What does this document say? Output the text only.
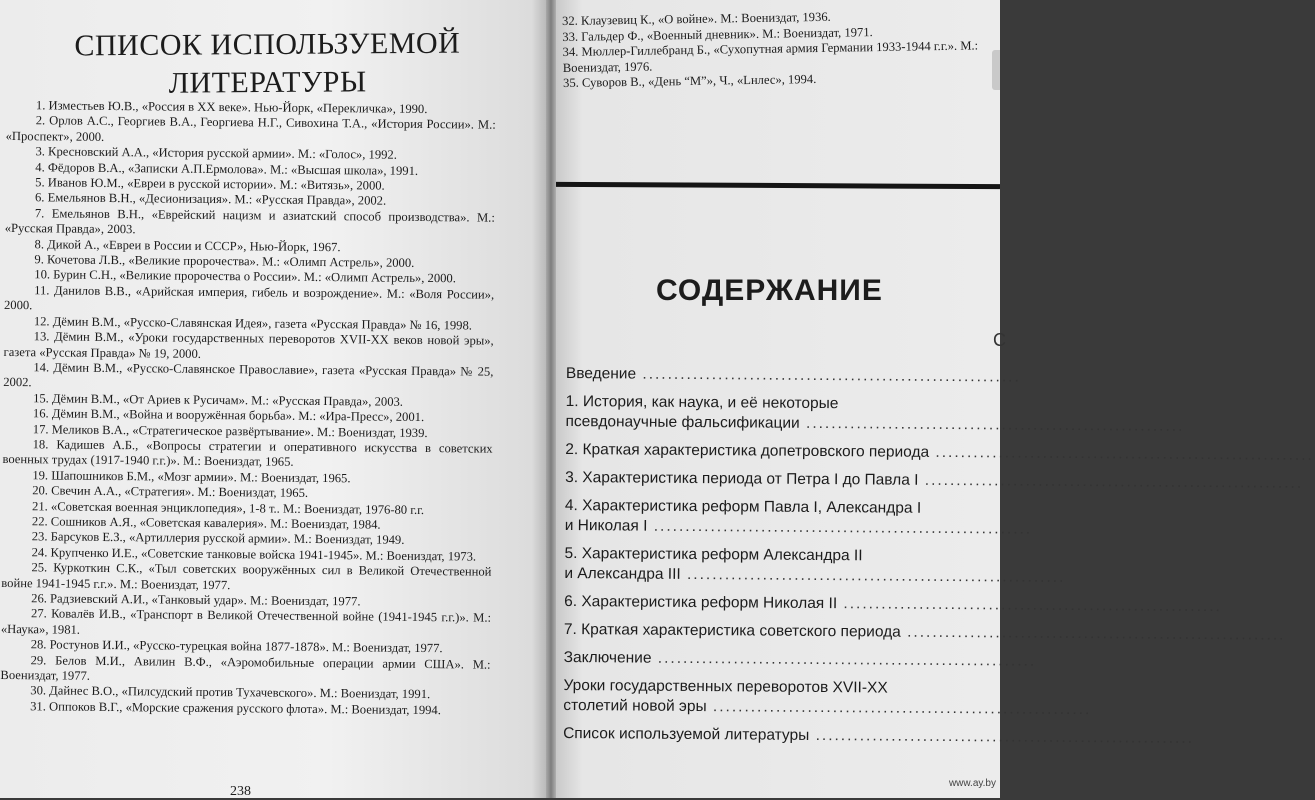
СПИСОК ИСПОЛЬЗУЕМОЙ
ЛИТЕРАТУРЫ

1. Изместьев Ю.В., «Россия в XX веке». Нью-Йорк, «Перекличка», 1990.

2. Орлов А.С., Георгиев В.А., Георгиева Н.Г., Сивохина Т.А., «История России». М.: «Проспект», 2000.

3. Кресновский А.А., «История русской армии». М.: «Голос», 1992.

4. Фёдоров В.А., «Записки А.П.Ермолова». М.: «Высшая школа», 1991.

5. Иванов Ю.М., «Евреи в русской истории». М.: «Витязь», 2000.

6. Емельянов В.Н., «Десионизация». М.: «Русская Правда», 2002.

7. Емельянов В.Н., «Еврейский нацизм и азиатский способ производства». М.: «Русская Правда», 2003.

8. Дикой А., «Евреи в России и СССР», Нью-Йорк, 1967.

9. Кочетова Л.В., «Великие пророчества». М.: «Олимп Астрель», 2000.

10. Бурин С.Н., «Великие пророчества о России». М.: «Олимп Астрель», 2000.

11. Данилов В.В., «Арийская империя, гибель и возрождение». М.: «Воля России», 2000.

12. Дёмин В.М., «Русско-Славянская Идея», газета «Русская Правда» № 16, 1998.

13. Дёмин В.М., «Уроки государственных переворотов XVII-XX веков новой эры», газета «Русская Правда» № 19, 2000.

14. Дёмин В.М., «Русско-Славянское Православие», газета «Русская Правда» № 25, 2002.

15. Дёмин В.М., «От Ариев к Русичам». М.: «Русская Правда», 2003.

16. Дёмин В.М., «Война и вооружённая борьба». М.: «Ира-Пресс», 2001.

17. Меликов В.А., «Стратегическое развёртывание». М.: Воениздат, 1939.

18. Кадишев А.Б., «Вопросы стратегии и оперативного искусства в советских военных трудах (1917-1940 г.г.)». М.: Воениздат, 1965.

19. Шапошников Б.М., «Мозг армии». М.: Воениздат, 1965.

20. Свечин А.А., «Стратегия». М.: Воениздат, 1965.

21. «Советская военная энциклопедия», 1-8 т.. М.: Воениздат, 1976-80 г.г.

22. Сошников А.Я., «Советская кавалерия». М.: Воениздат, 1984.

23. Барсуков Е.З., «Артиллерия русской армии». М.: Воениздат, 1949.

24. Крупченко И.Е., «Советские танковые войска 1941-1945». М.: Воениздат, 1973.

25. Куркоткин С.К., «Тыл советских вооружённых сил в Великой Отечественной войне 1941-1945 г.г.». М.: Воениздат, 1977.

26. Радзиевский А.И., «Танковый удар». М.: Воениздат, 1977.

27. Ковалёв И.В., «Транспорт в Великой Отечественной войне (1941-1945 г.г.)». М.: «Наука», 1981.

28. Ростунов И.И., «Русско-турецкая война 1877-1878». М.: Воениздат, 1977.

29. Белов М.И., Авилин В.Ф., «Аэромобильные операции армии США». М.: Воениздат, 1977.

30. Дайнес В.О., «Пилсудский против Тухачевского». М.: Воениздат, 1991.

31. Оппоков В.Г., «Морские сражения русского флота». М.: Воениздат, 1994.

238

32. Клаузевиц К., «О войне». М.: Воениздат, 1936.

33. Гальдер Ф., «Военный дневник». М.: Воениздат, 1971.

34. Мюллер-Гиллебранд Б., «Сухопутная армия Германии 1933-1944 г.г.». М.: Воениздат, 1976.

35. Суворов В., «День “М”», Ч., «Lнлес», 1994.

СОДЕРЖАНИЕ
Введение ............................................................
1. История, как наука, и её некоторые
псевдонаучные фальсификации ............................................................
2. Краткая характеристика допетровского периода ............................................................
3. Характеристика периода от Петра I до Павла I ............................................................
4. Характеристика реформ Павла I, Александра I
и Николая I ............................................................
5. Характеристика реформ Александра II
и Александра III ............................................................
6. Характеристика реформ Николая II ............................................................
7. Краткая характеристика советского периода ............................................................
Заключение ............................................................
Уроки государственных переворотов XVII-XX
столетий новой эры ............................................................
Список используемой литературы ............................................................
С
www.ay.by
